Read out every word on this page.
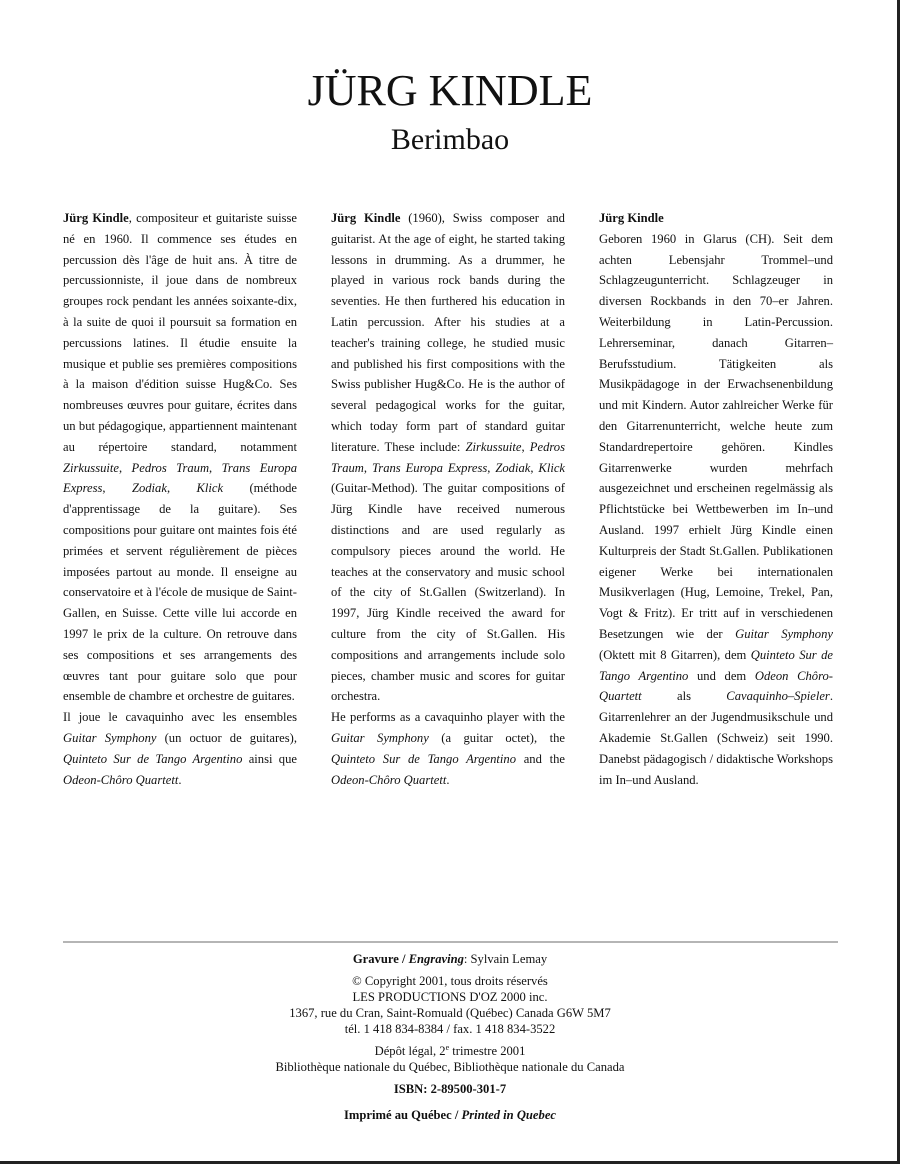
JÜRG KINDLE
Berimbao

Jürg Kindle, compositeur et guitariste suisse né en 1960. Il commence ses études en percussion dès l'âge de huit ans. À titre de percussionniste, il joue dans de nombreux groupes rock pendant les années soixante-dix, à la suite de quoi il poursuit sa formation en percussions latines. Il étudie ensuite la musique et publie ses premières compositions à la maison d'édition suisse Hug&Co. Ses nombreuses œuvres pour guitare, écrites dans un but pédagogique, appartiennent maintenant au répertoire standard, notamment Zirkussuite, Pedros Traum, Trans Europa Express, Zodiak, Klick (méthode d'apprentissage de la guitare). Ses compositions pour guitare ont maintes fois été primées et servent régulièrement de pièces imposées partout au monde. Il enseigne au conservatoire et à l'école de musique de Saint-Gallen, en Suisse. Cette ville lui accorde en 1997 le prix de la culture. On retrouve dans ses compositions et ses arrangements des œuvres tant pour guitare solo que pour ensemble de chambre et orchestre de guitares.

Il joue le cavaquinho avec les ensembles Guitar Symphony (un octuor de guitares), Quinteto Sur de Tango Argentino ainsi que Odeon-Chôro Quartett.

Jürg Kindle (1960), Swiss composer and guitarist. At the age of eight, he started taking lessons in drumming. As a drummer, he played in various rock bands during the seventies. He then furthered his education in Latin percussion. After his studies at a teacher's training college, he studied music and published his first compositions with the Swiss publisher Hug&Co. He is the author of several pedagogical works for the guitar, which today form part of standard guitar literature. These include: Zirkussuite, Pedros Traum, Trans Europa Express, Zodiak, Klick (Guitar-Method). The guitar compositions of Jürg Kindle have received numerous distinctions and are used regularly as compulsory pieces around the world. He teaches at the conservatory and music school of the city of St.Gallen (Switzerland). In 1997, Jürg Kindle received the award for culture from the city of St.Gallen. His compositions and arrangements include solo pieces, chamber music and scores for guitar orchestra.

He performs as a cavaquinho player with the Guitar Symphony (a guitar octet), the Quinteto Sur de Tango Argentino and the Odeon-Chôro Quartett.

Jürg Kindle

Geboren 1960 in Glarus (CH). Seit dem achten Lebensjahr Trommel–und Schlagzeugunterricht. Schlagzeuger in diversen Rockbands in den 70–er Jahren. Weiterbildung in Latin-Percussion. Lehrerseminar, danach Gitarren–Berufsstudium. Tätigkeiten als Musikpädagoge in der Erwachsenenbildung und mit Kindern. Autor zahlreicher Werke für den Gitarrenunterricht, welche heute zum Standardrepertoire gehören. Kindles Gitarrenwerke wurden mehrfach ausgezeichnet und erscheinen regelmässig als Pflichtstücke bei Wettbewerben im In–und Ausland. 1997 erhielt Jürg Kindle einen Kulturpreis der Stadt St.Gallen. Publikationen eigener Werke bei internationalen Musikverlagen (Hug, Lemoine, Trekel, Pan, Vogt & Fritz). Er tritt auf in verschiedenen Besetzungen wie der Guitar Symphony (Oktett mit 8 Gitarren), dem Quinteto Sur de Tango Argentino und dem Odeon Chôro-Quartett als Cavaquinho–Spieler. Gitarrenlehrer an der Jugendmusikschule und Akademie St.Gallen (Schweiz) seit 1990. Danebst pädagogisch / didaktische Workshops im In–und Ausland.

Gravure / Engraving: Sylvain Lemay
© Copyright 2001, tous droits réservés
LES PRODUCTIONS D'OZ 2000 inc.
1367, rue du Cran, Saint-Romuald (Québec) Canada G6W 5M7
tél. 1 418 834-8384 / fax. 1 418 834-3522
Dépôt légal, 2e trimestre 2001
Bibliothèque nationale du Québec, Bibliothèque nationale du Canada
ISBN: 2-89500-301-7
Imprimé au Québec / Printed in Quebec
